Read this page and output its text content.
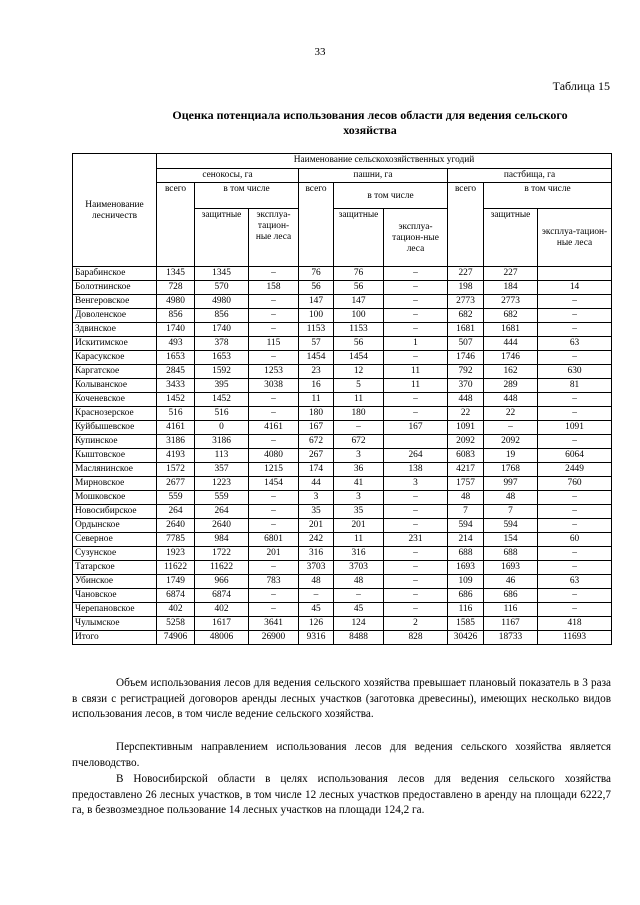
33
Таблица 15
Оценка потенциала использования лесов области для ведения сельского хозяйства
Наименование лесничеств	Наименование сельскохозяйственных угодий								
	сенокосы, га			пашни, га			пастбища, га		
	всего	в том числе		всего	в том числе		всего	в том числе	
		защитные	эксплуа-тацион-ные леса		защитные	эксплуа-тацион-ные леса		защитные	эксплуа-тацион-ные леса
Барабинское	1345	1345	–	76	76	–	227	227	
Болотнинское	728	570	158	56	56	–	198	184	14
Венгеровское	4980	4980	–	147	147	–	2773	2773	–
Доволенское	856	856	–	100	100	–	682	682	–
Здвинское	1740	1740	–	1153	1153	–	1681	1681	–
Искитимское	493	378	115	57	56	1	507	444	63
Карасукское	1653	1653	–	1454	1454	–	1746	1746	–
Каргатское	2845	1592	1253	23	12	11	792	162	630
Колыванское	3433	395	3038	16	5	11	370	289	81
Коченевское	1452	1452	–	11	11	–	448	448	–
Краснозерское	516	516	–	180	180	–	22	22	–
Куйбышевское	4161	0	4161	167	–	167	1091	–	1091
Купинское	3186	3186	–	672	672		2092	2092	–
Кыштовское	4193	113	4080	267	3	264	6083	19	6064
Маслянинское	1572	357	1215	174	36	138	4217	1768	2449
Мирновское	2677	1223	1454	44	41	3	1757	997	760
Мошковское	559	559	–	3	3	–	48	48	–
Новосибирское	264	264	–	35	35	–	7	7	–
Ордынское	2640	2640	–	201	201	–	594	594	–
Северное	7785	984	6801	242	11	231	214	154	60
Сузунское	1923	1722	201	316	316	–	688	688	–
Татарское	11622	11622	–	3703	3703	–	1693	1693	–
Убинское	1749	966	783	48	48	–	109	46	63
Чановское	6874	6874	–	–	–	–	686	686	–
Черепановское	402	402	–	45	45	–	116	116	–
Чулымское	5258	1617	3641	126	124	2	1585	1167	418
Итого	74906	48006	26900	9316	8488	828	30426	18733	11693
Объем использования лесов для ведения сельского хозяйства превышает плановый показатель в 3 раза в связи с регистрацией договоров аренды лесных участков (заготовка древесины), имеющих несколько видов использования лесов, в том числе ведение сельского хозяйства.
Перспективным направлением использования лесов для ведения сельского хозяйства является пчеловодство.
В Новосибирской области в целях использования лесов для ведения сельского хозяйства предоставлено 26 лесных участков, в том числе 12 лесных участков предоставлено в аренду на площади 6222,7 га, в безвозмездное пользование 14 лесных участков на площади 124,2 га.
